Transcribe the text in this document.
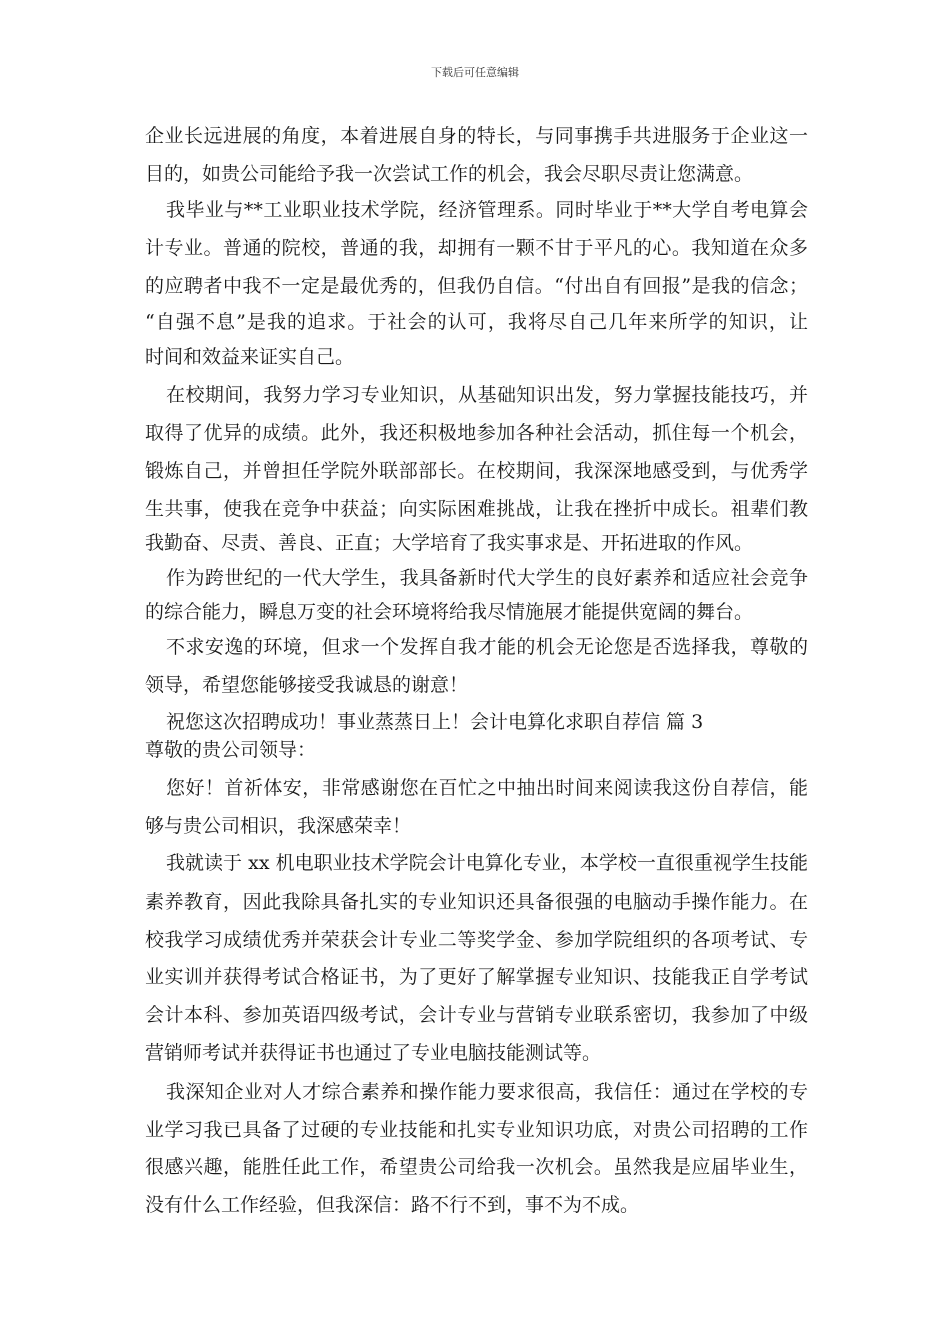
下载后可任意编辑
企业长远进展的角度，本着进展自身的特长，与同事携手共进服务于企业这一
目的，如贵公司能给予我一次尝试工作的机会，我会尽职尽责让您满意。
我毕业与**工业职业技术学院，经济管理系。同时毕业于**大学自考电算会
计专业。普通的院校，普通的我，却拥有一颗不甘于平凡的心。我知道在众多
的应聘者中我不一定是最优秀的，但我仍自信。“付出自有回报”是我的信念；
“自强不息”是我的追求。于社会的认可，我将尽自己几年来所学的知识，让
时间和效益来证实自己。
在校期间，我努力学习专业知识，从基础知识出发，努力掌握技能技巧，并
取得了优异的成绩。此外，我还积极地参加各种社会活动，抓住每一个机会，
锻炼自己，并曾担任学院外联部部长。在校期间，我深深地感受到，与优秀学
生共事，使我在竞争中获益；向实际困难挑战，让我在挫折中成长。祖辈们教
我勤奋、尽责、善良、正直；大学培育了我实事求是、开拓进取的作风。
作为跨世纪的一代大学生，我具备新时代大学生的良好素养和适应社会竞争
的综合能力，瞬息万变的社会环境将给我尽情施展才能提供宽阔的舞台。
不求安逸的环境，但求一个发挥自我才能的机会无论您是否选择我，尊敬的
领导，希望您能够接受我诚恳的谢意！
祝您这次招聘成功！事业蒸蒸日上！会计电算化求职自荐信 篇 3
尊敬的贵公司领导：
您好！首祈体安，非常感谢您在百忙之中抽出时间来阅读我这份自荐信，能
够与贵公司相识，我深感荣幸！
我就读于 xx 机电职业技术学院会计电算化专业，本学校一直很重视学生技能
素养教育，因此我除具备扎实的专业知识还具备很强的电脑动手操作能力。在
校我学习成绩优秀并荣获会计专业二等奖学金、参加学院组织的各项考试、专
业实训并获得考试合格证书，为了更好了解掌握专业知识、技能我正自学考试
会计本科、参加英语四级考试，会计专业与营销专业联系密切，我参加了中级
营销师考试并获得证书也通过了专业电脑技能测试等。
我深知企业对人才综合素养和操作能力要求很高，我信任：通过在学校的专
业学习我已具备了过硬的专业技能和扎实专业知识功底，对贵公司招聘的工作
很感兴趣，能胜任此工作，希望贵公司给我一次机会。虽然我是应届毕业生，
没有什么工作经验，但我深信：路不行不到，事不为不成。
